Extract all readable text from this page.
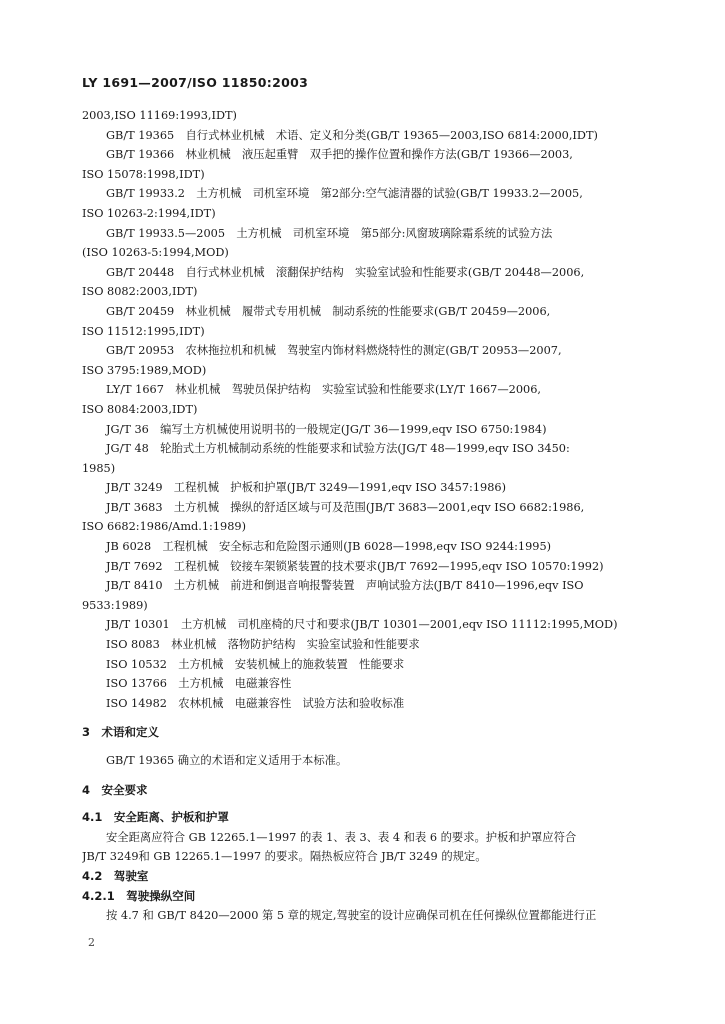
LY 1691—2007/ISO 11850:2003
2003,ISO 11169:1993,IDT)
GB/T 19365　自行式林业机械　术语、定义和分类(GB/T 19365—2003,ISO 6814:2000,IDT)
GB/T 19366　林业机械　液压起重臂　双手把的操作位置和操作方法(GB/T 19366—2003,
ISO 15078:1998,IDT)
GB/T 19933.2　土方机械　司机室环境　第2部分:空气滤清器的试验(GB/T 19933.2—2005,
ISO 10263-2:1994,IDT)
GB/T 19933.5—2005　土方机械　司机室环境　第5部分:风窗玻璃除霜系统的试验方法
(ISO 10263-5:1994,MOD)
GB/T 20448　自行式林业机械　滚翻保护结构　实验室试验和性能要求(GB/T 20448—2006,
ISO 8082:2003,IDT)
GB/T 20459　林业机械　履带式专用机械　制动系统的性能要求(GB/T 20459—2006,
ISO 11512:1995,IDT)
GB/T 20953　农林拖拉机和机械　驾驶室内饰材料燃烧特性的测定(GB/T 20953—2007,
ISO 3795:1989,MOD)
LY/T 1667　林业机械　驾驶员保护结构　实验室试验和性能要求(LY/T 1667—2006,
ISO 8084:2003,IDT)
JG/T 36　编写土方机械使用说明书的一般规定(JG/T 36—1999,eqv ISO 6750:1984)
JG/T 48　轮胎式土方机械制动系统的性能要求和试验方法(JG/T 48—1999,eqv ISO 3450:
1985)
JB/T 3249　工程机械　护板和护罩(JB/T 3249—1991,eqv ISO 3457:1986)
JB/T 3683　土方机械　操纵的舒适区域与可及范围(JB/T 3683—2001,eqv ISO 6682:1986,
ISO 6682:1986/Amd.1:1989)
JB 6028　工程机械　安全标志和危险图示通则(JB 6028—1998,eqv ISO 9244:1995)
JB/T 7692　工程机械　铰接车架锁紧装置的技术要求(JB/T 7692—1995,eqv ISO 10570:1992)
JB/T 8410　土方机械　前进和倒退音响报警装置　声响试验方法(JB/T 8410—1996,eqv ISO
9533:1989)
JB/T 10301　土方机械　司机座椅的尺寸和要求(JB/T 10301—2001,eqv ISO 11112:1995,MOD)
ISO 8083　林业机械　落物防护结构　实验室试验和性能要求
ISO 10532　土方机械　安装机械上的施救装置　性能要求
ISO 13766　土方机械　电磁兼容性
ISO 14982　农林机械　电磁兼容性　试验方法和验收标准
3　术语和定义
GB/T 19365 确立的术语和定义适用于本标准。
4　安全要求
4.1　安全距离、护板和护罩
安全距离应符合 GB 12265.1—1997 的表 1、表 3、表 4 和表 6 的要求。护板和护罩应符合
JB/T 3249和 GB 12265.1—1997 的要求。隔热板应符合 JB/T 3249 的规定。
4.2　驾驶室
4.2.1　驾驶操纵空间
按 4.7 和 GB/T 8420—2000 第 5 章的规定,驾驶室的设计应确保司机在任何操纵位置都能进行正
2
